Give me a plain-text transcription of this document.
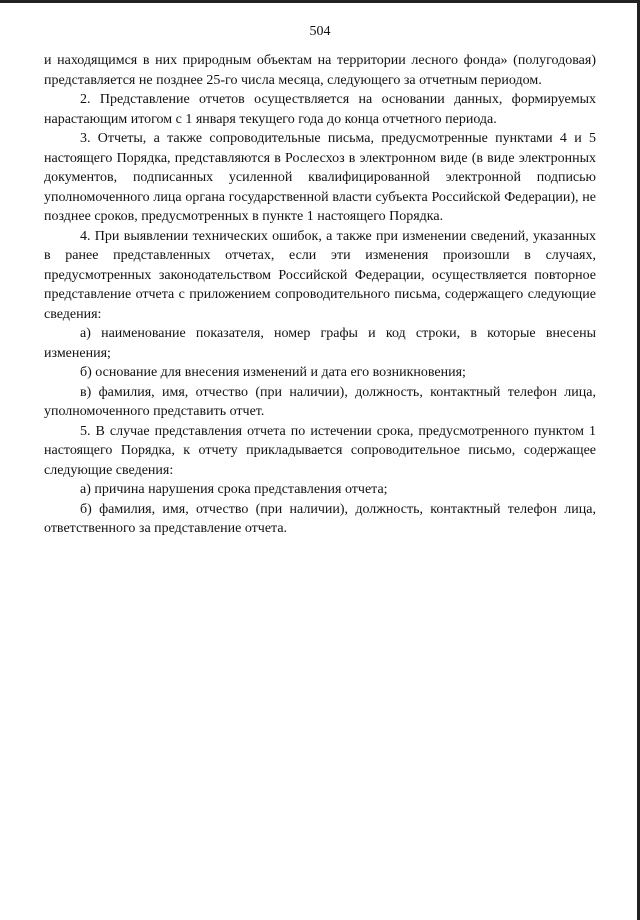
504

и находящимся в них природным объектам на территории лесного фонда» (полугодовая) представляется не позднее 25-го числа месяца, следующего за отчетным периодом.

2. Представление отчетов осуществляется на основании данных, формируемых нарастающим итогом с 1 января текущего года до конца отчетного периода.

3. Отчеты, а также сопроводительные письма, предусмотренные пунктами 4 и 5 настоящего Порядка, представляются в Рослесхоз в электронном виде (в виде электронных документов, подписанных усиленной квалифицированной электронной подписью уполномоченного лица органа государственной власти субъекта Российской Федерации), не позднее сроков, предусмотренных в пункте 1 настоящего Порядка.

4. При выявлении технических ошибок, а также при изменении сведений, указанных в ранее представленных отчетах, если эти изменения произошли в случаях, предусмотренных законодательством Российской Федерации, осуществляется повторное представление отчета с приложением сопроводительного письма, содержащего следующие сведения:

а) наименование показателя, номер графы и код строки, в которые внесены изменения;

б) основание для внесения изменений и дата его возникновения;

в) фамилия, имя, отчество (при наличии), должность, контактный телефон лица, уполномоченного представить отчет.

5. В случае представления отчета по истечении срока, предусмотренного пунктом 1 настоящего Порядка, к отчету прикладывается сопроводительное письмо, содержащее следующие сведения:

а) причина нарушения срока представления отчета;

б) фамилия, имя, отчество (при наличии), должность, контактный телефон лица, ответственного за представление отчета.
